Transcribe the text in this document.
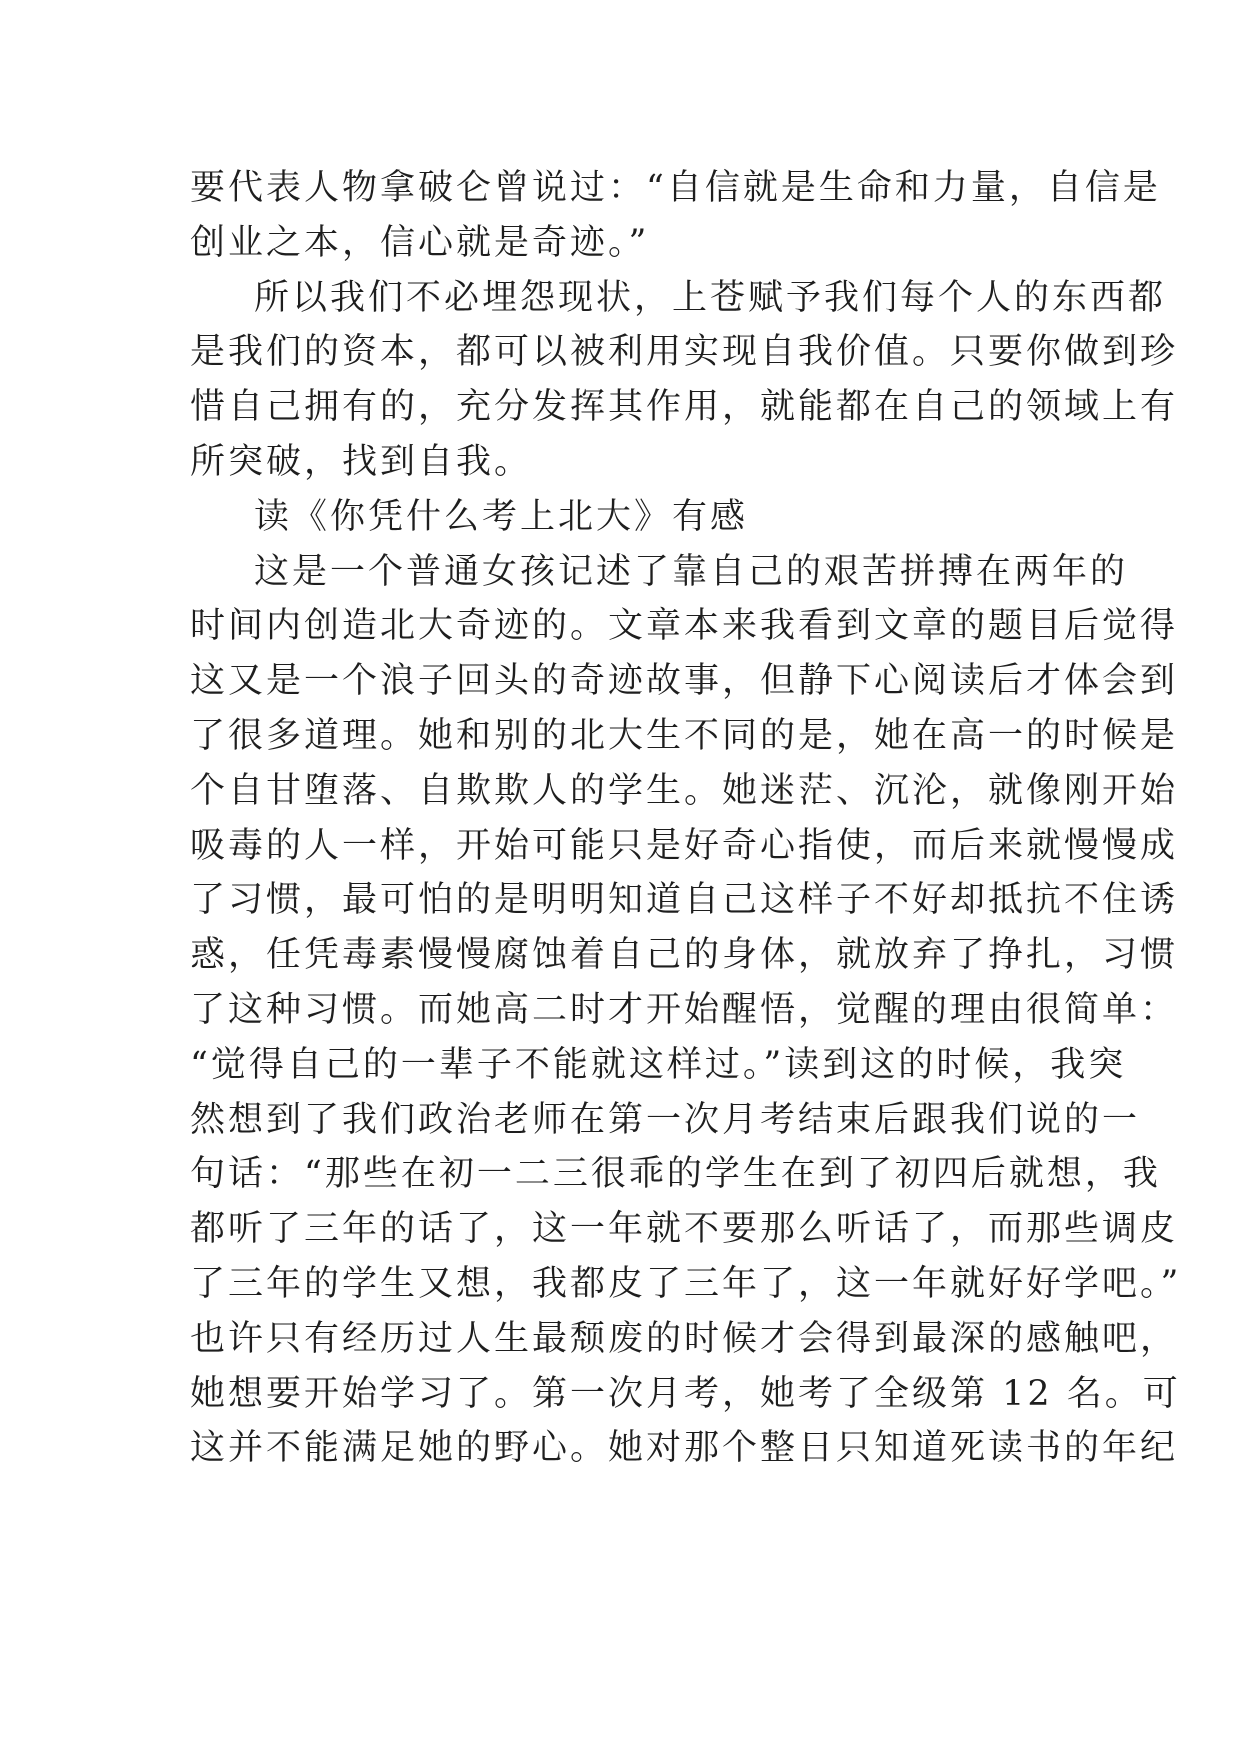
要代表人物拿破仑曾说过：“自信就是生命和力量，自信是
创业之本，信心就是奇迹。”
所以我们不必埋怨现状，上苍赋予我们每个人的东西都
是我们的资本，都可以被利用实现自我价值。只要你做到珍
惜自己拥有的，充分发挥其作用，就能都在自己的领域上有
所突破，找到自我。
读《你凭什么考上北大》有感
这是一个普通女孩记述了靠自己的艰苦拼搏在两年的
时间内创造北大奇迹的。文章本来我看到文章的题目后觉得
这又是一个浪子回头的奇迹故事，但静下心阅读后才体会到
了很多道理。她和别的北大生不同的是，她在高一的时候是
个自甘堕落、自欺欺人的学生。她迷茫、沉沦，就像刚开始
吸毒的人一样，开始可能只是好奇心指使，而后来就慢慢成
了习惯，最可怕的是明明知道自己这样子不好却抵抗不住诱
惑，任凭毒素慢慢腐蚀着自己的身体，就放弃了挣扎，习惯
了这种习惯。而她高二时才开始醒悟，觉醒的理由很简单：
“觉得自己的一辈子不能就这样过。”读到这的时候，我突
然想到了我们政治老师在第一次月考结束后跟我们说的一
句话：“那些在初一二三很乖的学生在到了初四后就想，我
都听了三年的话了，这一年就不要那么听话了，而那些调皮
了三年的学生又想，我都皮了三年了，这一年就好好学吧。”
也许只有经历过人生最颓废的时候才会得到最深的感触吧，
她想要开始学习了。第一次月考，她考了全级第 12 名。可
这并不能满足她的野心。她对那个整日只知道死读书的年纪
